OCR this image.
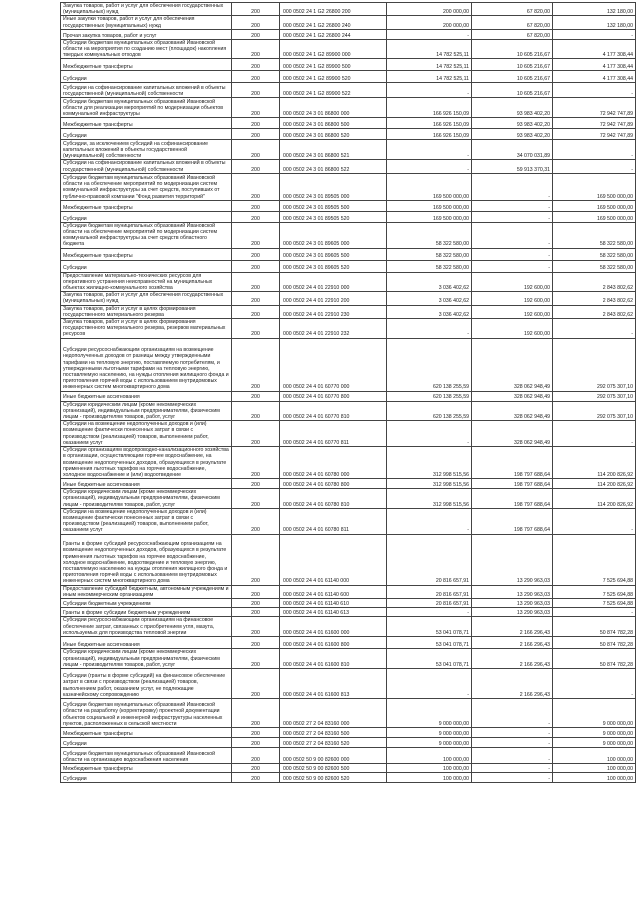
Закупка товаров, работ и услуг для обеспечения государственных (муниципальных) нужд	200	000 0502 24 1 G2 26800 200	200 000,00	67 820,00	132 180,00
Иные закупки товаров, работ и услуг для обеспечения государственных (муниципальных) нужд	200	000 0502 24 1 G2 26800 240	200 000,00	67 820,00	132 180,00
Прочая закупка товаров, работ и услуг	200	000 0502 24 1 G2 26800 244	-	67 820,00	-
Субсидии бюджетам муниципальных образований Ивановской области на мероприятия по созданию мест (площадок) накопления твердых коммунальных отходов	200	000 0502 24 1 G2 89900 000	14 782 525,11	10 605 216,67	4 177 308,44
Межбюджетные трансферты	200	000 0502 24 1 G2 89900 500	14 782 525,11	10 605 216,67	4 177 308,44
Субсидии	200	000 0502 24 1 G2 89900 520	14 782 525,11	10 605 216,67	4 177 308,44
Субсидии на софинансирование капитальных вложений в объекты государственной (муниципальной) собственности	200	000 0502 24 1 G2 89900 522	-	10 605 216,67	-
Субсидии бюджетам муниципальных образований Ивановской области для реализации мероприятий по модернизации объектов коммунальной инфраструктуры	200	000 0502 24 3 01 86800 000	166 926 150,09	93 983 402,20	72 942 747,89
Межбюджетные трансферты	200	000 0502 24 3 01 86800 500	166 926 150,09	93 983 402,20	72 942 747,89
Субсидии	200	000 0502 24 3 01 86800 520	166 926 150,09	93 983 402,20	72 942 747,89
Субсидии, за исключением субсидий на софинансирование капитальных вложений в объекты государственной (муниципальной) собственности	200	000 0502 24 3 01 86800 521	-	34 070 031,89	-
Субсидии на софинансирование капитальных вложений в объекты государственной (муниципальной) собственности	200	000 0502 24 3 01 86800 522	-	59 913 370,31	-
Субсидии бюджетам муниципальных образований Ивановской области на обеспечение мероприятий по модернизации систем коммунальной инфраструктуры за счет средств, поступивших от публично-правовой компании "Фонд развития территорий"	200	000 0502 24 3 01 89505 000	169 500 000,00	-	169 500 000,00
Межбюджетные трансферты	200	000 0502 24 3 01 89505 500	169 500 000,00	-	169 500 000,00
Субсидии	200	000 0502 24 3 01 89505 520	169 500 000,00	-	169 500 000,00
Субсидии бюджетам муниципальных образований Ивановской области на обеспечение мероприятий по модернизации систем коммунальной инфраструктуры за счет средств областного бюджета	200	000 0502 24 3 01 89605 000	58 322 580,00	-	58 322 580,00
Межбюджетные трансферты	200	000 0502 24 3 01 89605 500	58 322 580,00	-	58 322 580,00
Субсидии	200	000 0502 24 3 01 89605 520	58 322 580,00	-	58 322 580,00
Предоставление материально-технических ресурсов для оперативного устранения неисправностей на муниципальных объектах жилищно-коммунального хозяйства	200	000 0502 24 4 01 22910 000	3 036 402,62	192 600,00	2 843 802,62
Закупка товаров, работ и услуг для обеспечения государственных (муниципальных) нужд	200	000 0502 24 4 01 22910 200	3 036 402,62	192 600,00	2 843 802,62
Закупка товаров, работ и услуг в целях формирования государственного материального резерва	200	000 0502 24 4 01 22910 230	3 036 402,62	192 600,00	2 843 802,62
Закупка товаров, работ и услуг в целях формирования государственного материального резерва, резервов материальных ресурсов	200	000 0502 24 4 01 22910 232	-	192 600,00	-
Субсидии ресурсоснабжающим организациям на возмещение недополученных доходов от разницы между утвержденными тарифами на тепловую энергию, поставляемую потребителям, и утвержденными льготными тарифами на тепловую энергию, поставляемую населению, на нужды отопления жилищного фонда и приготовления горячей воды с использованием внутридомовых инженерных систем многоквартирного дома	200	000 0502 24 4 01 60770 000	620 138 255,59	328 062 948,49	292 075 307,10
Иные бюджетные ассигнования	200	000 0502 24 4 01 60770 800	620 138 255,59	328 062 948,49	292 075 307,10
Субсидии юридическим лицам (кроме некоммерческих организаций), индивидуальным предпринимателям, физическим лицам - производителям товаров, работ, услуг	200	000 0502 24 4 01 60770 810	620 138 255,59	328 062 948,49	292 075 307,10
Субсидии на возмещение недополученных доходов и (или) возмещение фактически понесенных затрат в связи с производством (реализацией) товаров, выполнением работ, оказанием услуг	200	000 0502 24 4 01 60770 811	-	328 062 948,49	-
Субсидии организациям водопроводно-канализационного хозяйства в организации, осуществляющим горячее водоснабжение, на возмещение недополученных доходов, образующихся в результате применения льготных тарифов на горячее водоснабжение, холодное водоснабжение и (или) водоотведение	200	000 0502 24 4 01 60780 000	312 998 515,56	198 797 688,64	114 200 826,92
Иные бюджетные ассигнования	200	000 0502 24 4 01 60780 800	312 998 515,56	198 797 688,64	114 200 826,92
Субсидии юридическим лицам (кроме некоммерческих организаций), индивидуальным предпринимателям, физическим лицам - производителям товаров, работ, услуг	200	000 0502 24 4 01 60780 810	312 998 515,56	198 797 688,64	114 200 826,92
Субсидии на возмещение недополученных доходов и (или) возмещение фактически понесенных затрат в связи с производством (реализацией) товаров, выполнением работ, оказанием услуг	200	000 0502 24 4 01 60780 811	-	198 797 688,64	-
Гранты в форме субсидий ресурсоснабжающим организациям на возмещение недополученных доходов, образующихся в результате применения льготных тарифов на горячее водоснабжение, холодное водоснабжение, водоотведение и тепловую энергию, поставляемую населению на нужды отопления жилищного фонда и приготовления горячей воды с использованием внутридомовых инженерных систем многоквартирного дома	200	000 0502 24 4 01 61140 000	20 816 657,91	13 290 963,03	7 525 694,88
Предоставление субсидий бюджетным, автономным учреждениям и иным некоммерческим организациям	200	000 0502 24 4 01 61140 600	20 816 657,91	13 290 963,03	7 525 694,88
Субсидии бюджетным учреждениям	200	000 0502 24 4 01 61140 610	20 816 657,91	13 290 963,03	7 525 694,88
Гранты в форме субсидии бюджетным учреждениям	200	000 0502 24 4 01 61140 613	-	13 290 963,03	-
Субсидии ресурсоснабжающим организациям на финансовое обеспечение затрат, связанных с приобретением угля, мазута, используемых для производства тепловой энергии	200	000 0502 24 4 01 61600 000	53 041 078,71	2 166 296,43	50 874 782,28
Иные бюджетные ассигнования	200	000 0502 24 4 01 61600 800	53 041 078,71	2 166 296,43	50 874 782,28
Субсидии юридическим лицам (кроме некоммерческих организаций), индивидуальным предпринимателям, физическим лицам - производителям товаров, работ, услуг	200	000 0502 24 4 01 61600 810	53 041 078,71	2 166 296,43	50 874 782,28
Субсидии (гранты в форме субсидий) на финансовое обеспечение затрат в связи с производством (реализацией) товаров, выполнением работ, оказанием услуг, не подлежащие казначейскому сопровождению	200	000 0502 24 4 01 61600 813	-	2 166 296,43	-
Субсидии бюджетам муниципальных образований Ивановской области на разработку (корректировку) проектной документации объектов социальной и инженерной инфраструктуры населенных пунктов, расположенных в сельской местности	200	000 0502 27 2 04 83160 000	9 000 000,00	-	9 000 000,00
Межбюджетные трансферты	200	000 0502 27 2 04 83160 500	9 000 000,00	-	9 000 000,00
Субсидии	200	000 0502 27 2 04 83160 520	9 000 000,00	-	9 000 000,00
Субсидии бюджетам муниципальных образований Ивановской области на организацию водоснабжения населения	200	000 0502 50 9 00 82600 000	100 000,00	-	100 000,00
Межбюджетные трансферты	200	000 0502 50 9 00 82600 500	100 000,00	-	100 000,00
Субсидии	200	000 0502 50 9 00 82600 520	100 000,00	-	100 000,00
